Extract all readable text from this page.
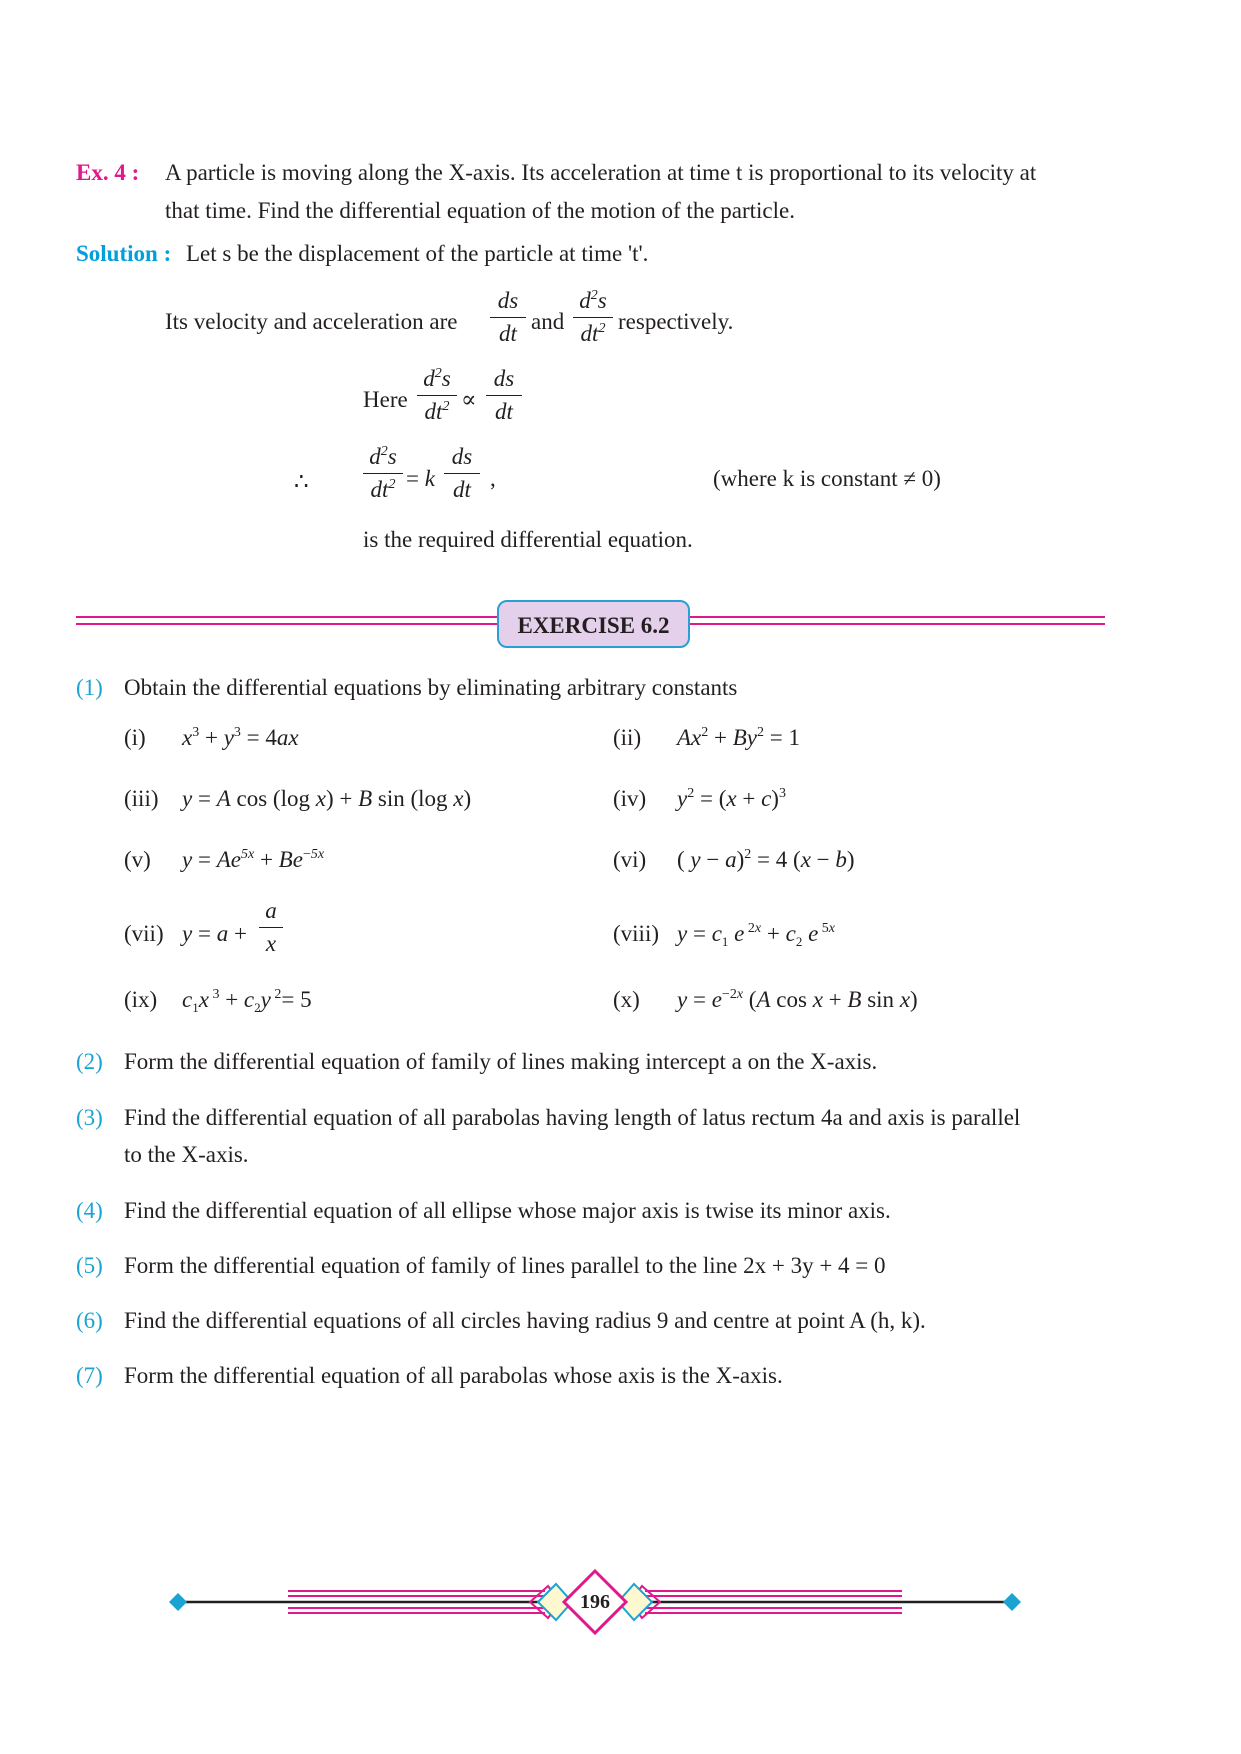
Ex. 4 : A particle is moving along the X-axis. Its acceleration at time t is proportional to its velocity at
that time. Find the differential equation of the motion of the particle.
Solution : Let s be the displacement of the particle at time 't'.
Its velocity and acceleration are
ds
dt and
$d^2s$
$dt^2$ respectively.
Here
$d^2s$
$dt^2$ ∝
ds
dt
∴
$d^2s$
$dt^2 = k$
ds
dt ,	(where k is constant ≠ 0)
is the required differential equation.
EXERCISE 6.2
(1) Obtain the differential equations by eliminating arbitrary constants
(i) $x^3 + y^3 = 4ax$	(ii) $Ax^2 + By^2 = 1$
(iii) y = A cos (log x) + B sin (log x)	(iv) $y^2 = (x + c)^3$
(v) $y = Ae^{5x} + Be^{-5x}$	(vi) ( y − a)$^2$ = 4 (x − b)
(vii) y = a +
a
x	(viii) $y = c_1$ e $^{2x} + c_2$ e $^{5x}$
(ix) $c_1x$ $^3 + c_2y$ $^2$= 5	(x) $y = e^{-2x}$ (A cos x + B sin x)
(2) Form the differential equation of family of lines making intercept a on the X-axis.
(3) Find the differential equation of all parabolas having length of latus rectum 4a and axis is parallel
to the X-axis.
(4) Find the differential equation of all ellipse whose major axis is twise its minor axis.
(5) Form the differential equation of family of lines parallel to the line 2x + 3y + 4 = 0
(6) Find the differential equations of all circles having radius 9 and centre at point A (h, k).
(7) Form the differential equation of all parabolas whose axis is the X-axis.
196
